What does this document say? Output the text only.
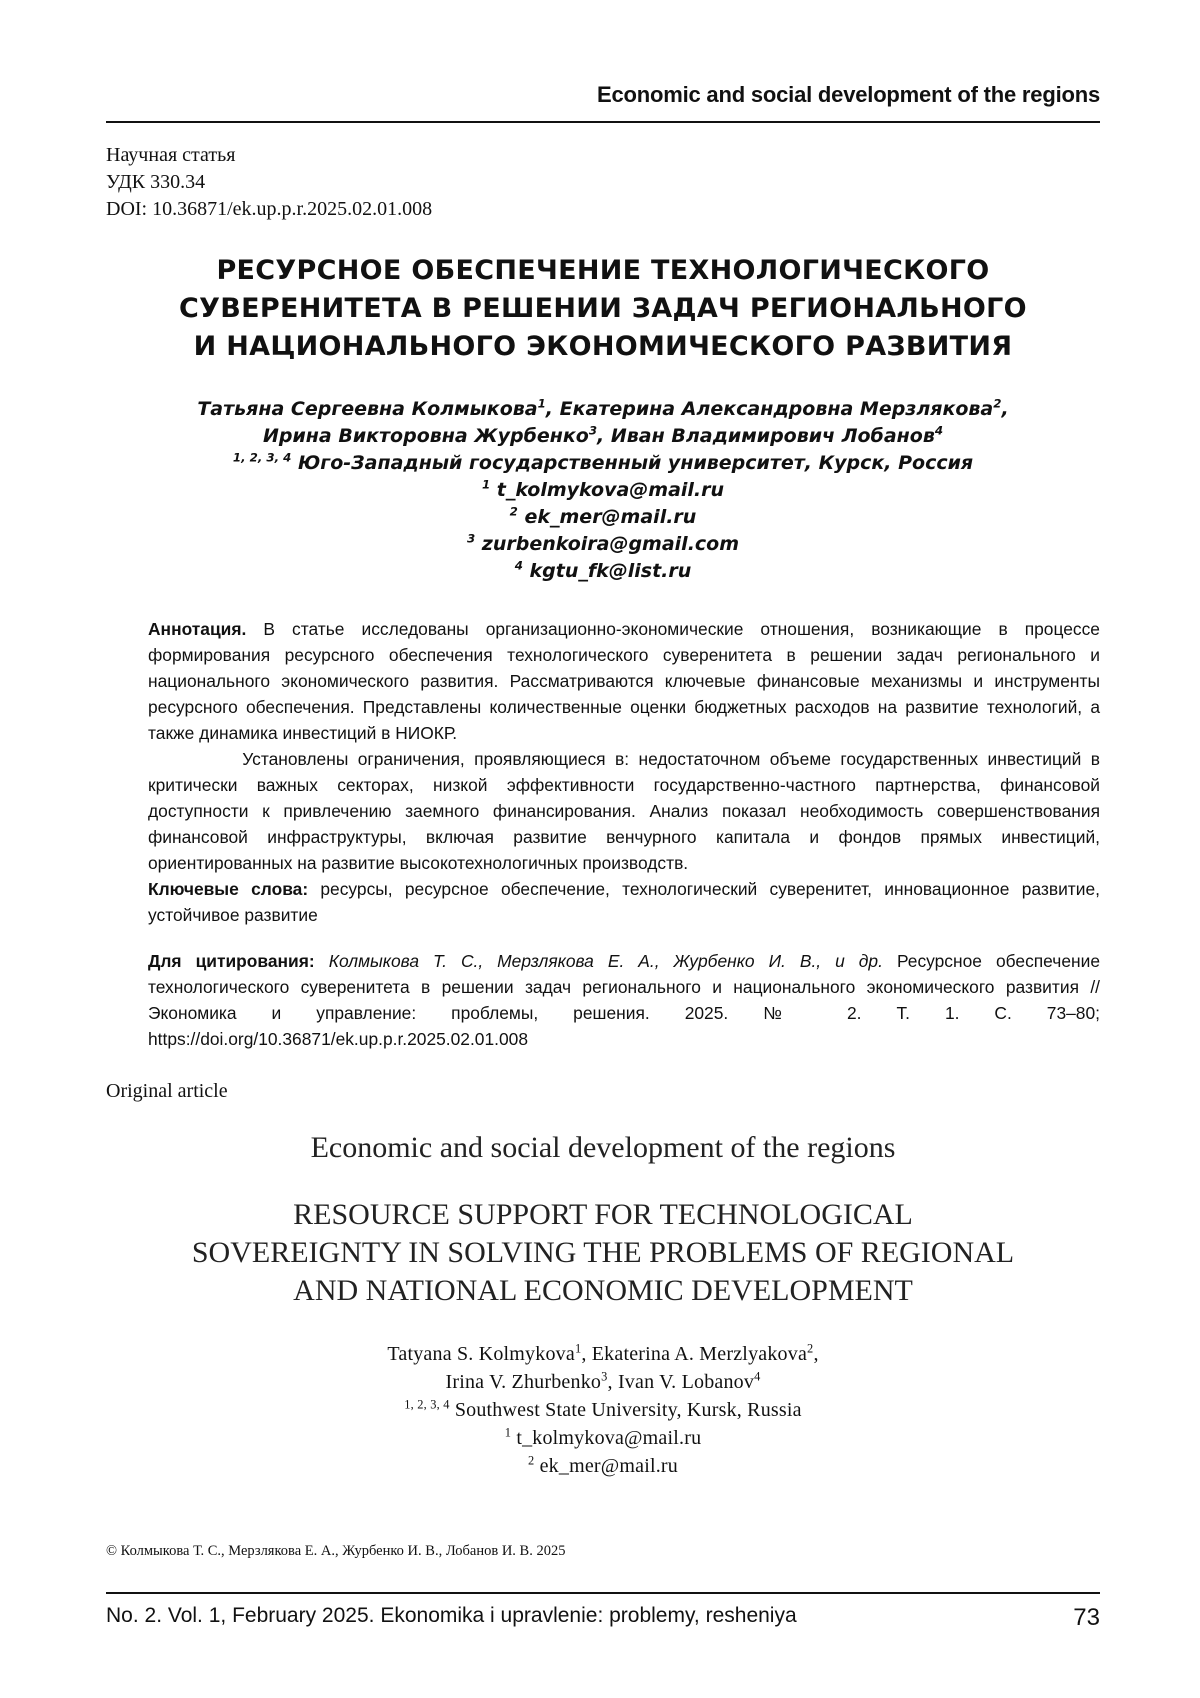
Economic and social development of the regions
Научная статья
УДК 330.34
DOI: 10.36871/ek.up.p.r.2025.02.01.008
РЕСУРСНОЕ ОБЕСПЕЧЕНИЕ ТЕХНОЛОГИЧЕСКОГО
СУВЕРЕНИТЕТА В РЕШЕНИИ ЗАДАЧ РЕГИОНАЛЬНОГО
И НАЦИОНАЛЬНОГО ЭКОНОМИЧЕСКОГО РАЗВИТИЯ
Татьяна Сергеевна Колмыкова$^1$, Екатерина Александровна Мерзлякова$^2$,
Ирина Викторовна Журбенко$^3$, Иван Владимирович Лобанов$^4$
$^{1, 2, 3, 4}$ Юго-Западный государственный университет, Курск, Россия
$^1$ t_kolmykova@mail.ru
$^2$ ek_mer@mail.ru
$^3$ zurbenkoira@gmail.com
$^4$ kgtu_fk@list.ru

Аннотация. В статье исследованы организационно-экономические отношения, возникающие в процессе формирования ресурсного обеспечения технологического суверенитета в решении задач регионального и национального экономического развития. Рассматриваются ключевые финансовые механизмы и инструменты ресурсного обеспечения. Представлены количественные оценки бюджетных расходов на развитие технологий, а также динамика инвестиций в НИОКР.

Установлены ограничения, проявляющиеся в: недостаточном объеме государственных инвестиций в критически важных секторах, низкой эффективности государственно-частного партнерства, финансовой доступности к привлечению заемного финансирования. Анализ показал необходимость совершенствования финансовой инфраструктуры, включая развитие венчурного капитала и фондов прямых инвестиций, ориентированных на развитие высокотехнологичных производств.

Ключевые слова: ресурсы, ресурсное обеспечение, технологический суверенитет, инновационное развитие, устойчивое развитие

Для цитирования: Колмыкова Т. С., Мерзлякова Е. А., Журбенко И. В., и др. Ресурсное обеспечение технологического суверенитета в решении задач регионального и национального экономического развития // Экономика и управление: проблемы, решения. 2025. № 2. Т. 1. С. 73–80; https://doi.org/10.36871/ek.up.p.r.2025.02.01.008
Original article
Economic and social development of the regions
RESOURCE SUPPORT FOR TECHNOLOGICAL
SOVEREIGNTY IN SOLVING THE PROBLEMS OF REGIONAL
AND NATIONAL ECONOMIC DEVELOPMENT
Tatyana S. Kolmykova$^1$, Ekaterina A. Merzlyakova$^2$,
Irina V. Zhurbenko$^3$, Ivan V. Lobanov$^4$
$^{1, 2, 3, 4}$ Southwest State University, Kursk, Russia
$^1$ t_kolmykova@mail.ru
$^2$ ek_mer@mail.ru
© Колмыкова Т. С., Мерзлякова Е. А., Журбенко И. В., Лобанов И. В. 2025
No. 2. Vol. 1, February 2025. Ekonomika i upravlenie: problemy, resheniya	73
